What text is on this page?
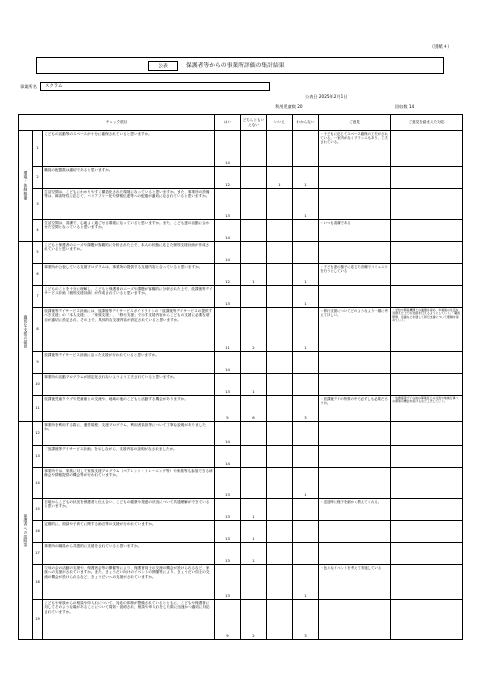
（別紙４）
公表	保護者等からの事業所評価の集計結果
事業所名	スクラム
公表日 2025年2月1日
利用児童数 20	回収数 14
チェック項目			はい	どちらともいえない	いいえ	わからない	ご意見	ご意見を踏まえた対応
環境・体制整備	1	こどもの活動等のスペースが十分に確保されていると思いますか。	14				・子どもに応じてスペース確保の工夫がされている。一室内がなくプランニもあり、工夫されている。	
	2	職員の配置数は適切であると思いますか。	12		1	1		
	3	生活空間は、こどもにわかりやすく構造化された環境になっていると思いますか。また、事業所の設備等は、障害特性に応じて、バリアフリー化や情報伝達等への配慮が適切になされていると思いますか。	13			1		
	4	生活空間は、清潔で、心地よく過ごせる環境になっていると思いますか。また、こども達の活動に合わせた空間となっていると思いますか。	14				・いつも清潔である	
適切な支援の提供	5	こどもと保護者のニーズや課題が客観的に分析された上で、本人の状態に応じた個別支援計画が作成されていると思いますか。	14					
	6	事業所が公表している支援プログラムは、事業所の提供する支援内容と合っていると思いますか。	12	1		1	・子ども達の様子に応じた各種でコミュニケを行うとしている	
	7	こどものことを十分に理解し、こどもと保護者のニーズや課題が客観的に分析された上で、放課後等デイサービス計画（個別支援計画）が作成されていると思いますか。	13			1		
	8	放課後等デイサービス計画には、放課後等デイサービスガイドラインの「放課後等デイサービスの提供すべき支援」の「本人支援」、「家族支援」、「移行支援」で示す支援内容からこどもの支援に必要な項目が適切に設定され、その上で、具体的な支援内容が設定されていると思いますか。	11	2		1	・移行支援についてどのようなより一層に考えてほしい。	・学校や関係機関との連携を深め、卒業後の生活を見据えた上での支援を行えるようにしていく。・職員研修、会議などを通して移行支援について理解を深めていく。
	9	放課後等デイサービス計画に沿った支援が行われていると思いますか。	14					
	10	事業所の活動プログラムが固定化されないようよう工夫されていると思いますか。	13	1				
	11	放課後児童クラブや児童館との交流や、地域の他のこどもと活動する機会がありますか。	5	6		3	・放課後デイの特質の中で必ずしも必要だろうか。	・放課後等デイの他の事業所との交流や地域行事への参加の機会を設けるなど工夫していく。
保護者への説明等	12	事業所を利用する際に、運営規程、支援プログラム、利用者負担等について丁寧な説明がありましたか。	14					
	13	「放課後等デイサービス計画」を示しながら、支援内容の説明がなされましたか。	14					
	14	事業所では、家族に対して家族支援プログラム（ペアレント・トレーニング等）や家族等も参加できる研修会や情報提供の機会等が行われていますか。	13			1		
	15	日頃からこどもの状況を保護者と伝え合い、こどもの健康や発達の状況について共通理解ができていると思いますか。	13	1			・送迎時に様子を細かく教えてくれる。	
	16	定期的に、面談や子育てに関する助言等の支援が行われていますか。	13	1				
	17	事業所の職員から共感的に支援をされていると思いますか。	13	1				
	18	父母の会の活動の支援や、保護者会等の開催等により、保護者同士の交流の機会が設けられるなど、家族への支援がされていますか。また、きょうだい向けのイベントの開催等により、きょうだい同士の交流の機会が設けられるなど、きょうだいへの支援がされていますか。	13			1	・色々なイベントを考えて実施している	
	19	こどもや家族からの相談や申入れについて、対応の体制が整備されているとともに、こどもや保護者に対してそのような場があることについて周知・説明され、相談や申入れをした際に迅速かつ適切に対応されていますか。	9	2		3		
